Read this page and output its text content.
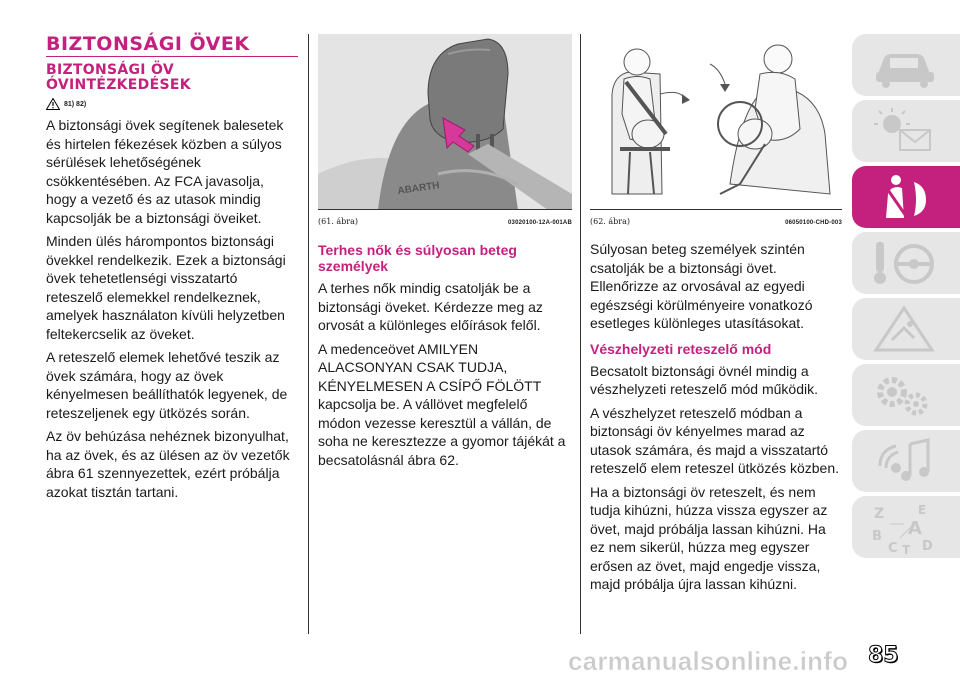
BIZTONSÁGI ÖVEK
BIZTONSÁGI ÖV
ÓVINTÉZKEDÉSEK
81) 82)

A biztonsági övek segítenek balesetek és hirtelen fékezések közben a súlyos sérülések lehetőségének csökkentésében. Az FCA javasolja, hogy a vezető és az utasok mindig kapcsolják be a biztonsági öveiket.

Minden ülés hárompontos biztonsági övekkel rendelkezik. Ezek a biztonsági övek tehetetlenségi visszatartó reteszelő elemekkel rendelkeznek, amelyek használaton kívüli helyzetben feltekercselik az öveket.

A reteszelő elemek lehetővé teszik az övek számára, hogy az övek kényelmesen beállíthatók legyenek, de reteszeljenek egy ütközés során.

Az öv behúzása nehéznek bizonyulhat, ha az övek, és az ülésen az öv vezetők ábra 61 szennyezettek, ezért próbálja azokat tisztán tartani.

ABARTH
(61. ábra)	03020100-12A-001AB
Terhes nők és súlyosan beteg személyek

A terhes nők mindig csatolják be a biztonsági öveket. Kérdezze meg az orvosát a különleges előírások felől.

A medenceövet AMILYEN ALACSONYAN CSAK TUDJA, KÉNYELMESEN A CSÍPŐ FÖLÖTT kapcsolja be. A vállövet megfelelő módon vezesse keresztül a vállán, de soha ne keresztezze a gyomor tájékát a becsatolásnál ábra 62.

(62. ábra)	06050100-CHD-003

Súlyosan beteg személyek szintén csatolják be a biztonsági övet. Ellenőrizze az orvosával az egyedi egészségi körülményeire vonatkozó esetleges különleges utasításokat.

Vészhelyzeti reteszelő mód

Becsatolt biztonsági övnél mindig a vészhelyzeti reteszelő mód működik.

A vészhelyzet reteszelő módban a biztonsági öv kényelmes marad az utasok számára, és majd a visszatartó reteszelő elem reteszel ütközés közben.

Ha a biztonsági öv reteszelt, és nem tudja kihúzni, húzza vissza egyszer az övet, majd próbálja lassan kihúzni. Ha ez nem sikerül, húzza meg egyszer erősen az övet, majd engedje vissza, majd próbálja újra lassan kihúzni.

Z	E
B A
C T D
carmanualsonline.info 85
